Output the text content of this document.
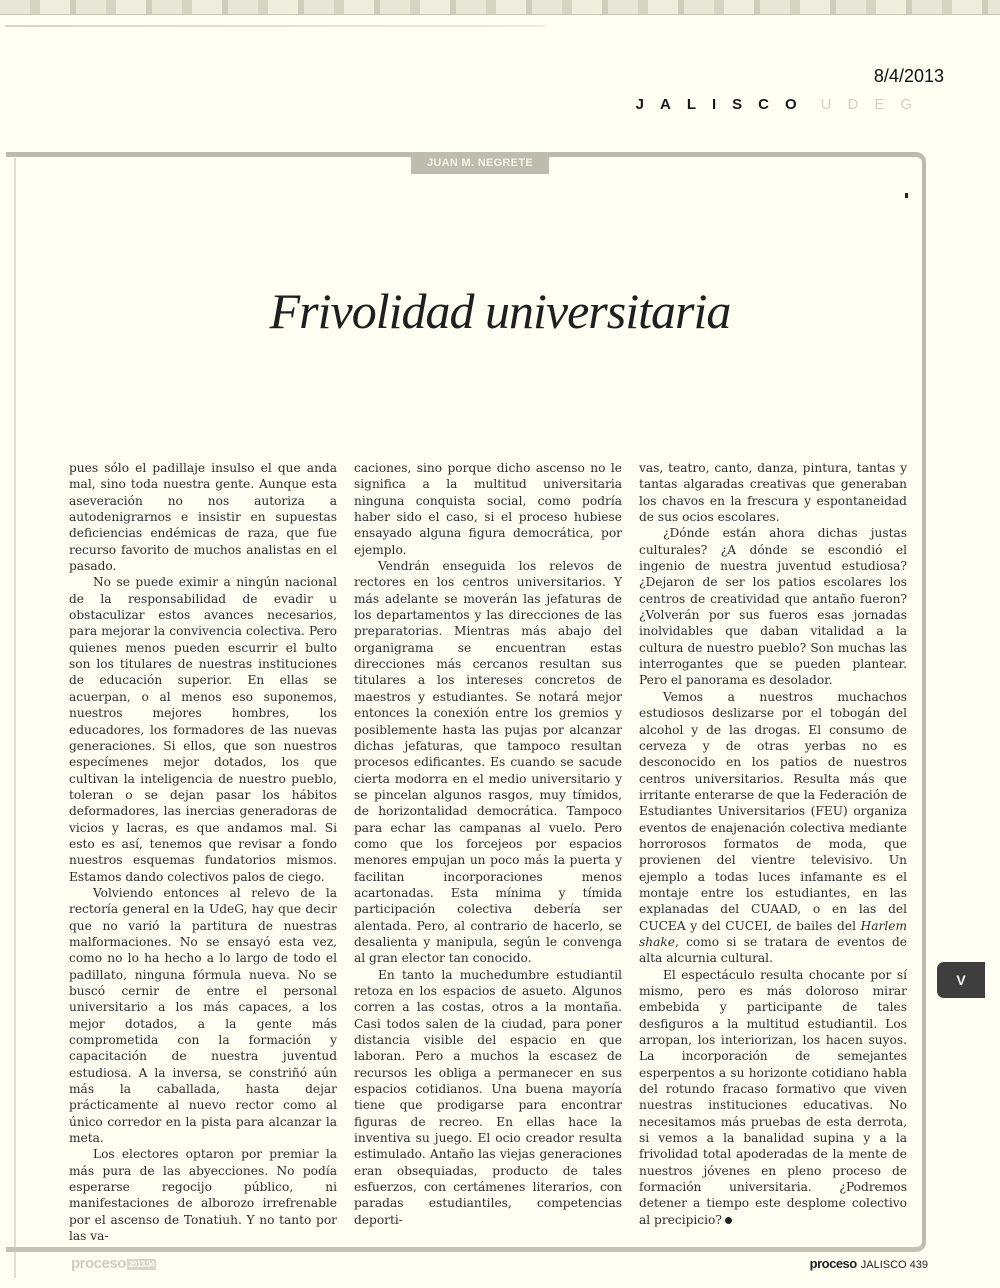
8/4/2013
JALISCO UDEG
JUAN M. NEGRETE
Frivolidad universitaria

pues sólo el padillaje insulso el que anda mal, sino toda nuestra gente. Aunque esta aseveración no nos autoriza a autodenigrarnos e insistir en supuestas deficiencias endémicas de raza, que fue recurso favorito de muchos analistas en el pasado.

No se puede eximir a ningún nacional de la responsabilidad de evadir u obstaculizar estos avances necesarios, para mejorar la convivencia colectiva. Pero quienes menos pueden escurrir el bulto son los titulares de nuestras instituciones de educación superior. En ellas se acuerpan, o al menos eso suponemos, nuestros mejores hombres, los educadores, los formadores de las nuevas generaciones. Si ellos, que son nuestros especímenes mejor dotados, los que cultivan la inteligencia de nuestro pueblo, toleran o se dejan pasar los hábitos deformadores, las inercias generadoras de vicios y lacras, es que andamos mal. Si esto es así, tenemos que revisar a fondo nuestros esquemas fundatorios mismos. Estamos dando colectivos palos de ciego.

Volviendo entonces al relevo de la rectoría general en la UdeG, hay que decir que no varió la partitura de nuestras malformaciones. No se ensayó esta vez, como no lo ha hecho a lo largo de todo el padillato, ninguna fórmula nueva. No se buscó cernir de entre el personal universitario a los más capaces, a los mejor dotados, a la gente más comprometida con la formación y capacitación de nuestra juventud estudiosa. A la inversa, se constriñó aún más la caballada, hasta dejar prácticamente al nuevo rector como al único corredor en la pista para alcanzar la meta.

Los electores optaron por premiar la más pura de las abyecciones. No podía esperarse regocijo público, ni manifestaciones de alborozo irrefrenable por el ascenso de Tonatiuh. Y no tanto por las va-

caciones, sino porque dicho ascenso no le significa a la multitud universitaria ninguna conquista social, como podría haber sido el caso, si el proceso hubiese ensayado alguna figura democrática, por ejemplo.

Vendrán enseguida los relevos de rectores en los centros universitarios. Y más adelante se moverán las jefaturas de los departamentos y las direcciones de las preparatorias. Mientras más abajo del organigrama se encuentran estas direcciones más cercanos resultan sus titulares a los intereses concretos de maestros y estudiantes. Se notará mejor entonces la conexión entre los gremios y posiblemente hasta las pujas por alcanzar dichas jefaturas, que tampoco resultan procesos edificantes. Es cuando se sacude cierta modorra en el medio universitario y se pincelan algunos rasgos, muy tímidos, de horizontalidad democrática. Tampoco para echar las campanas al vuelo. Pero como que los forcejeos por espacios menores empujan un poco más la puerta y facilitan incorporaciones menos acartonadas. Esta mínima y tímida participación colectiva debería ser alentada. Pero, al contrario de hacerlo, se desalienta y manipula, según le convenga al gran elector tan conocido.

En tanto la muchedumbre estudiantil retoza en los espacios de asueto. Algunos corren a las costas, otros a la montaña. Casi todos salen de la ciudad, para poner distancia visible del espacio en que laboran. Pero a muchos la escasez de recursos les obliga a permanecer en sus espacios cotidianos. Una buena mayoría tiene que prodigarse para encontrar figuras de recreo. En ellas hace la inventiva su juego. El ocio creador resulta estimulado. Antaño las viejas generaciones eran obsequiadas, producto de tales esfuerzos, con certámenes literarios, con paradas estudiantiles, competencias deporti-

vas, teatro, canto, danza, pintura, tantas y tantas algaradas creativas que generaban los chavos en la frescura y espontaneidad de sus ocios escolares.

¿Dónde están ahora dichas justas culturales? ¿A dónde se escondió el ingenio de nuestra juventud estudiosa? ¿Dejaron de ser los patios escolares los centros de creatividad que antaño fueron? ¿Volverán por sus fueros esas jornadas inolvidables que daban vitalidad a la cultura de nuestro pueblo? Son muchas las interrogantes que se pueden plantear. Pero el panorama es desolador.

Vemos a nuestros muchachos estudiosos deslizarse por el tobogán del alcohol y de las drogas. El consumo de cerveza y de otras yerbas no es desconocido en los patios de nuestros centros universitarios. Resulta más que irritante enterarse de que la Federación de Estudiantes Universitarios (FEU) organiza eventos de enajenación colectiva mediante horrorosos formatos de moda, que provienen del vientre televisivo. Un ejemplo a todas luces infamante es el montaje entre los estudiantes, en las explanadas del CUAAD, o en las del CUCEA y del CUCEI, de bailes del Harlem shake, como si se tratara de eventos de alta alcurnia cultural.

El espectáculo resulta chocante por sí mismo, pero es más doloroso mirar embebida y participante de tales desfiguros a la multitud estudiantil. Los arropan, los interiorizan, los hacen suyos. La incorporación de semejantes esperpentos a su horizonte cotidiano habla del rotundo fracaso formativo que viven nuestras instituciones educativas. No necesitamos más pruebas de esta derrota, si vemos a la banalidad supina y a la frivolidad total apoderadas de la mente de nuestros jóvenes en pleno proceso de formación universitaria. ¿Podremos detener a tiempo este desplome colectivo al precipicio?

V
proceso 2013.04	proceso JALISCO 439
